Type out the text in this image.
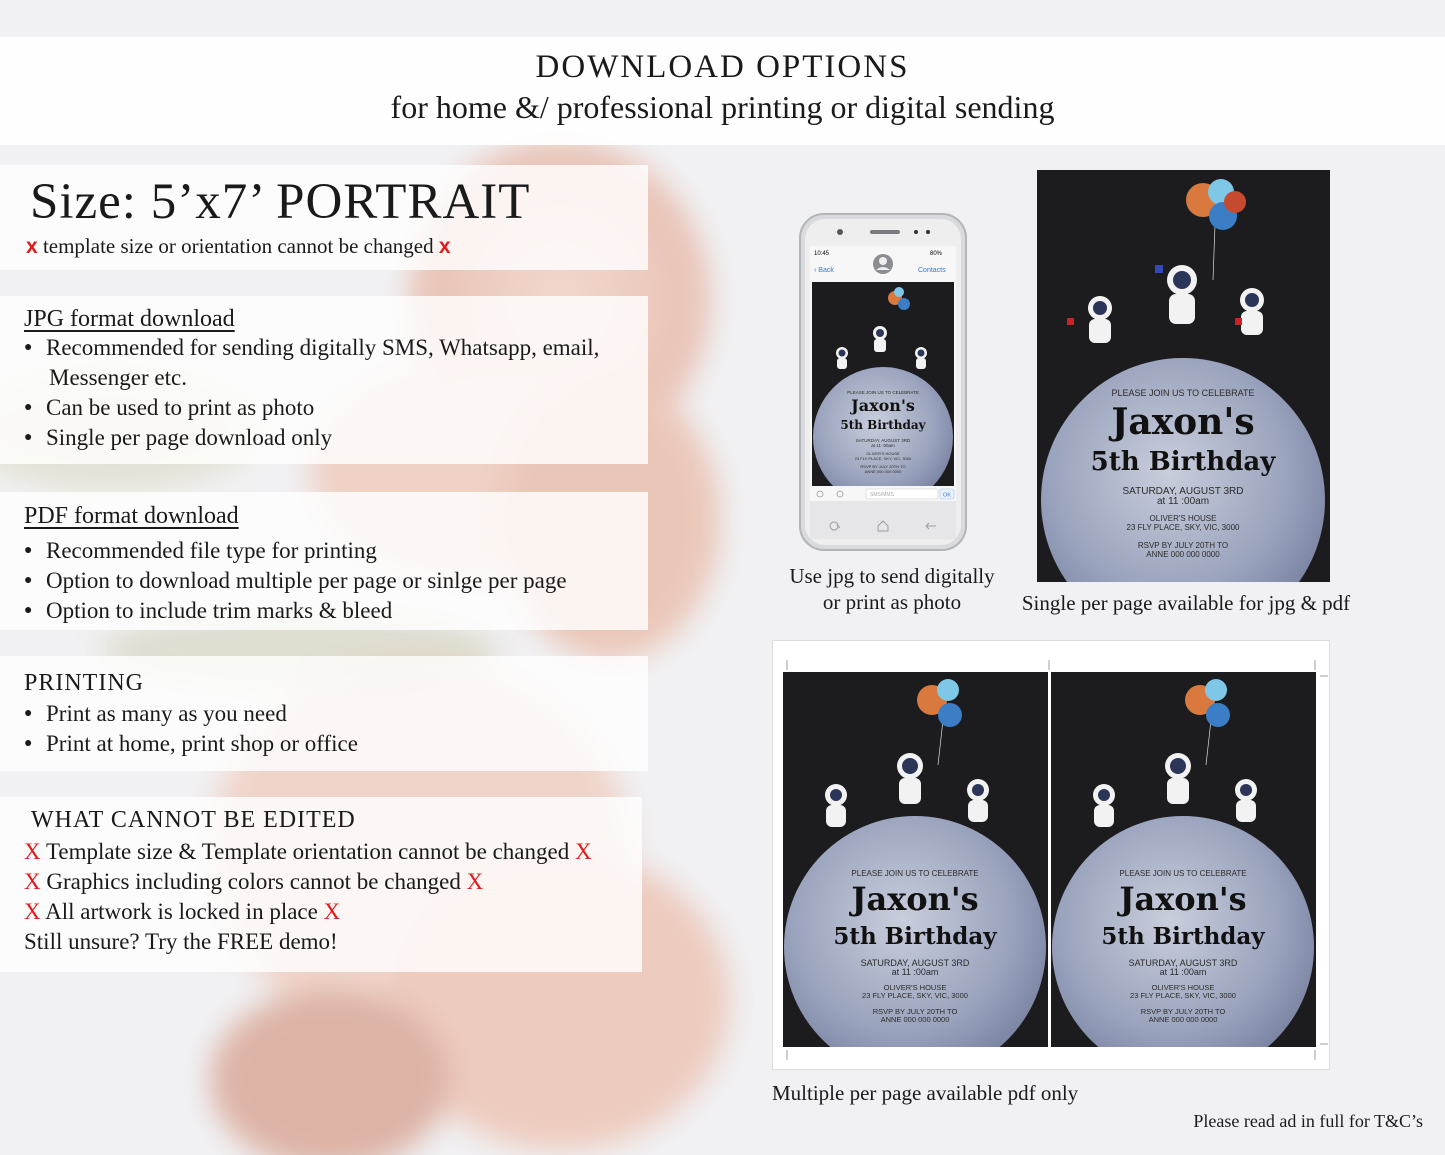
DOWNLOAD OPTIONS
for home &/ professional printing or digital sending
Size: 5’x7’ PORTRAIT
x template size or orientation cannot be changed x
JPG format download
● Recommended for sending digitally SMS, Whatsapp, email,
Messenger etc.
● Can be used to print as photo
● Single per page download only
PDF format download
● Recommended file type for printing
● Option to download multiple per page or sinlge per page
● Option to include trim marks & bleed
PRINTING
● Print as many as you need
● Print at home, print shop or office
WHAT CANNOT BE EDITED
X Template size & Template orientation cannot be changed X
X Graphics including colors cannot be changed X
X All artwork is locked in place X
Still unsure? Try the FREE demo!
10:45	80%
‹ Back	Contacts
PLEASE JOIN US TO CELEBRATE
Jaxon's
5th Birthday
SATURDAY, AUGUST 3RD
at 11 :00am
OLIVER'S HOUSE
23 FLY PLACE, SKY, VIC, 3000
RSVP BY JULY 20TH TO
ANNE 000 000 0000
SMS/MMS	OK
Use jpg to send digitally
or print as photo
PLEASE JOIN US TO CELEBRATE
Jaxon's
5th Birthday
SATURDAY, AUGUST 3RD
at 11 :00am
OLIVER'S HOUSE
23 FLY PLACE, SKY, VIC, 3000
RSVP BY JULY 20TH TO
ANNE 000 000 0000
Single per page available for jpg & pdf
PLEASE JOIN US TO CELEBRATE
Jaxon's
5th Birthday
SATURDAY, AUGUST 3RD
at 11 :00am
OLIVER'S HOUSE
23 FLY PLACE, SKY, VIC, 3000
RSVP BY JULY 20TH TO
ANNE 000 000 0000
PLEASE JOIN US TO CELEBRATE
Jaxon's
5th Birthday
SATURDAY, AUGUST 3RD
at 11 :00am
OLIVER'S HOUSE
23 FLY PLACE, SKY, VIC, 3000
RSVP BY JULY 20TH TO
ANNE 000 000 0000
Multiple per page available pdf only
Please read ad in full for T&C’s
